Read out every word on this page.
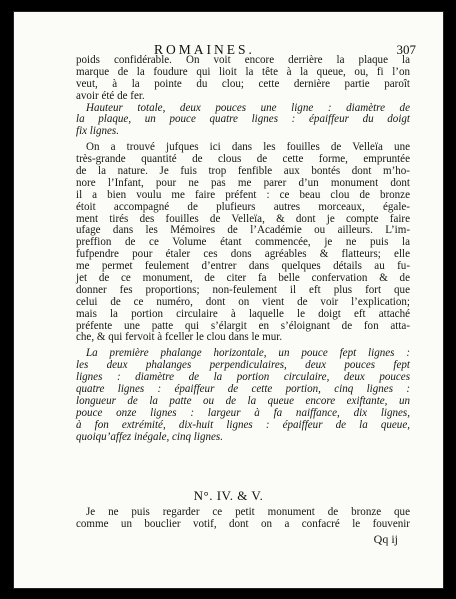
ROMAINES.	307
poids confidérable. On voit encore derrière la plaque la
marque de la foudure qui lioit la tête à la queue, ou, fi l’on
veut, à la pointe du clou; cette dernière partie paroît
avoir été de fer.
Hauteur totale, deux pouces une ligne : diamètre de
la plaque, un pouce quatre lignes : épaiffeur du doigt
fix lignes.
On a trouvé jufques ici dans les fouilles de Velleïa une
très-grande quantité de clous de cette forme, empruntée
de la nature. Je fuis trop fenfible aux bontés dont m’ho-
nore l’Infant, pour ne pas me parer d’un monument dont
il a bien voulu me faire préfent : ce beau clou de bronze
étoit accompagné de plufieurs autres morceaux, égale-
ment tirés des fouilles de Velleïa, & dont je compte faire
ufage dans les Mémoires de l’Académie ou ailleurs. L’im-
preffion de ce Volume étant commencée, je ne puis la
fufpendre pour étaler ces dons agréables & flatteurs; elle
me permet feulement d’entrer dans quelques détails au fu-
jet de ce monument, de citer fa belle confervation & de
donner fes proportions; non-feulement il eft plus fort que
celui de ce numéro, dont on vient de voir l’explication;
mais la portion circulaire à laquelle le doigt eft attaché
préfente une patte qui s’élargit en s’éloignant de fon atta-
che, & qui fervoit à fceller le clou dans le mur.
La première phalange horizontale, un pouce fept lignes :
les deux phalanges perpendiculaires, deux pouces fept
lignes : diamètre de la portion circulaire, deux pouces
quatre lignes : épaiffeur de cette portion, cinq lignes :
longueur de la patte ou de la queue encore exiftante, un
pouce onze lignes : largeur à fa naiffance, dix lignes,
à fon extrémité, dix-huit lignes : épaiffeur de la queue,
quoiqu’affez inégale, cinq lignes.
N°. IV. & V.
Je ne puis regarder ce petit monument de bronze que
comme un bouclier votif, dont on a confacré le fouvenir
Qq ij
